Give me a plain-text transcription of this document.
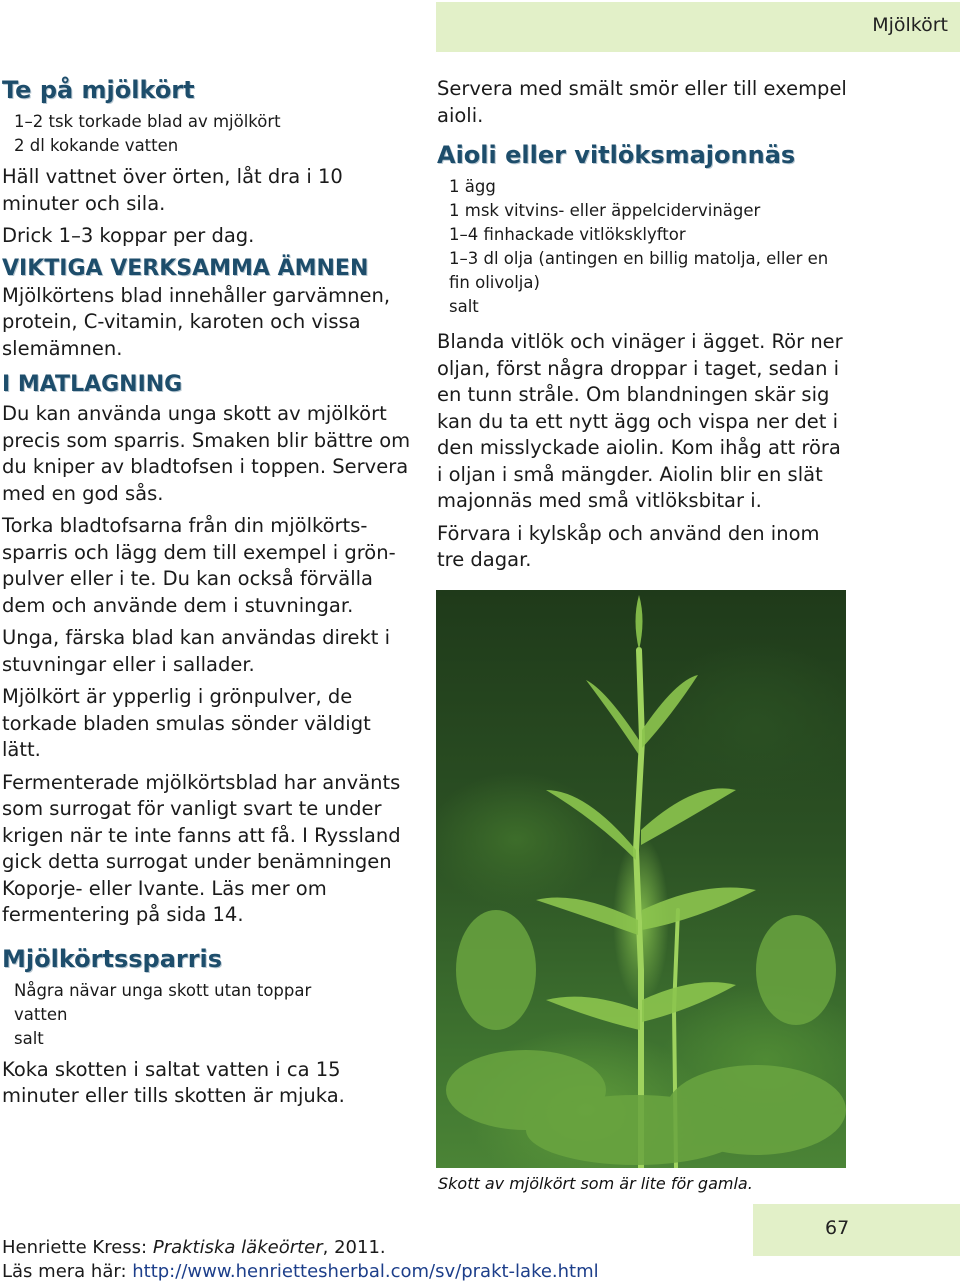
Mjölkört
Te på mjölkört
1–2 tsk torkade blad av mjölkört
2 dl kokande vatten

Häll vattnet över örten, låt dra i 10 minuter och sila.

Drick 1–3 koppar per dag.

VIKTIGA VERKSAMMA ÄMNEN

Mjölkörtens blad innehåller garvämnen, protein, C-vitamin, karoten och vissa slemämnen.

I MATLAGNING

Du kan använda unga skott av mjölkört precis som sparris. Smaken blir bättre om du kniper av bladtofsen i toppen. Servera med en god sås.

Torka bladtofsarna från din mjölkörts-sparris och lägg dem till exempel i grön-pulver eller i te. Du kan också förvälla dem och använde dem i stuvningar.

Unga, färska blad kan användas direkt i stuvningar eller i sallader.

Mjölkört är ypperlig i grönpulver, de torkade bladen smulas sönder väldigt lätt.

Fermenterade mjölkörtsblad har använts som surrogat för vanligt svart te under krigen när te inte fanns att få. I Ryssland gick detta surrogat under benämningen Koporje- eller Ivante. Läs mer om fermentering på sida 14.

Mjölkörtssparris
Några nävar unga skott utan toppar
vatten
salt

Koka skotten i saltat vatten i ca 15 minuter eller tills skotten är mjuka.

Servera med smält smör eller till exempel aioli.

Aioli eller vitlöksmajonnäs
1 ägg
1 msk vitvins- eller äppelcidervinäger
1–4 finhackade vitlöksklyftor
1–3 dl olja (antingen en billig matolja, eller en fin olivolja)
salt

Blanda vitlök och vinäger i ägget. Rör ner oljan, först några droppar i taget, sedan i en tunn stråle. Om blandningen skär sig kan du ta ett nytt ägg och vispa ner det i den misslyckade aiolin. Kom ihåg att röra i oljan i små mängder. Aiolin blir en slät majonnäs med små vitlöksbitar i.

Förvara i kylskåp och använd den inom tre dagar.

Skott av mjölkört som är lite för gamla.
67
Henriette Kress: Praktiska läkeörter, 2011.
Läs mera här: http://www.henriettesherbal.com/sv/prakt-lake.html
